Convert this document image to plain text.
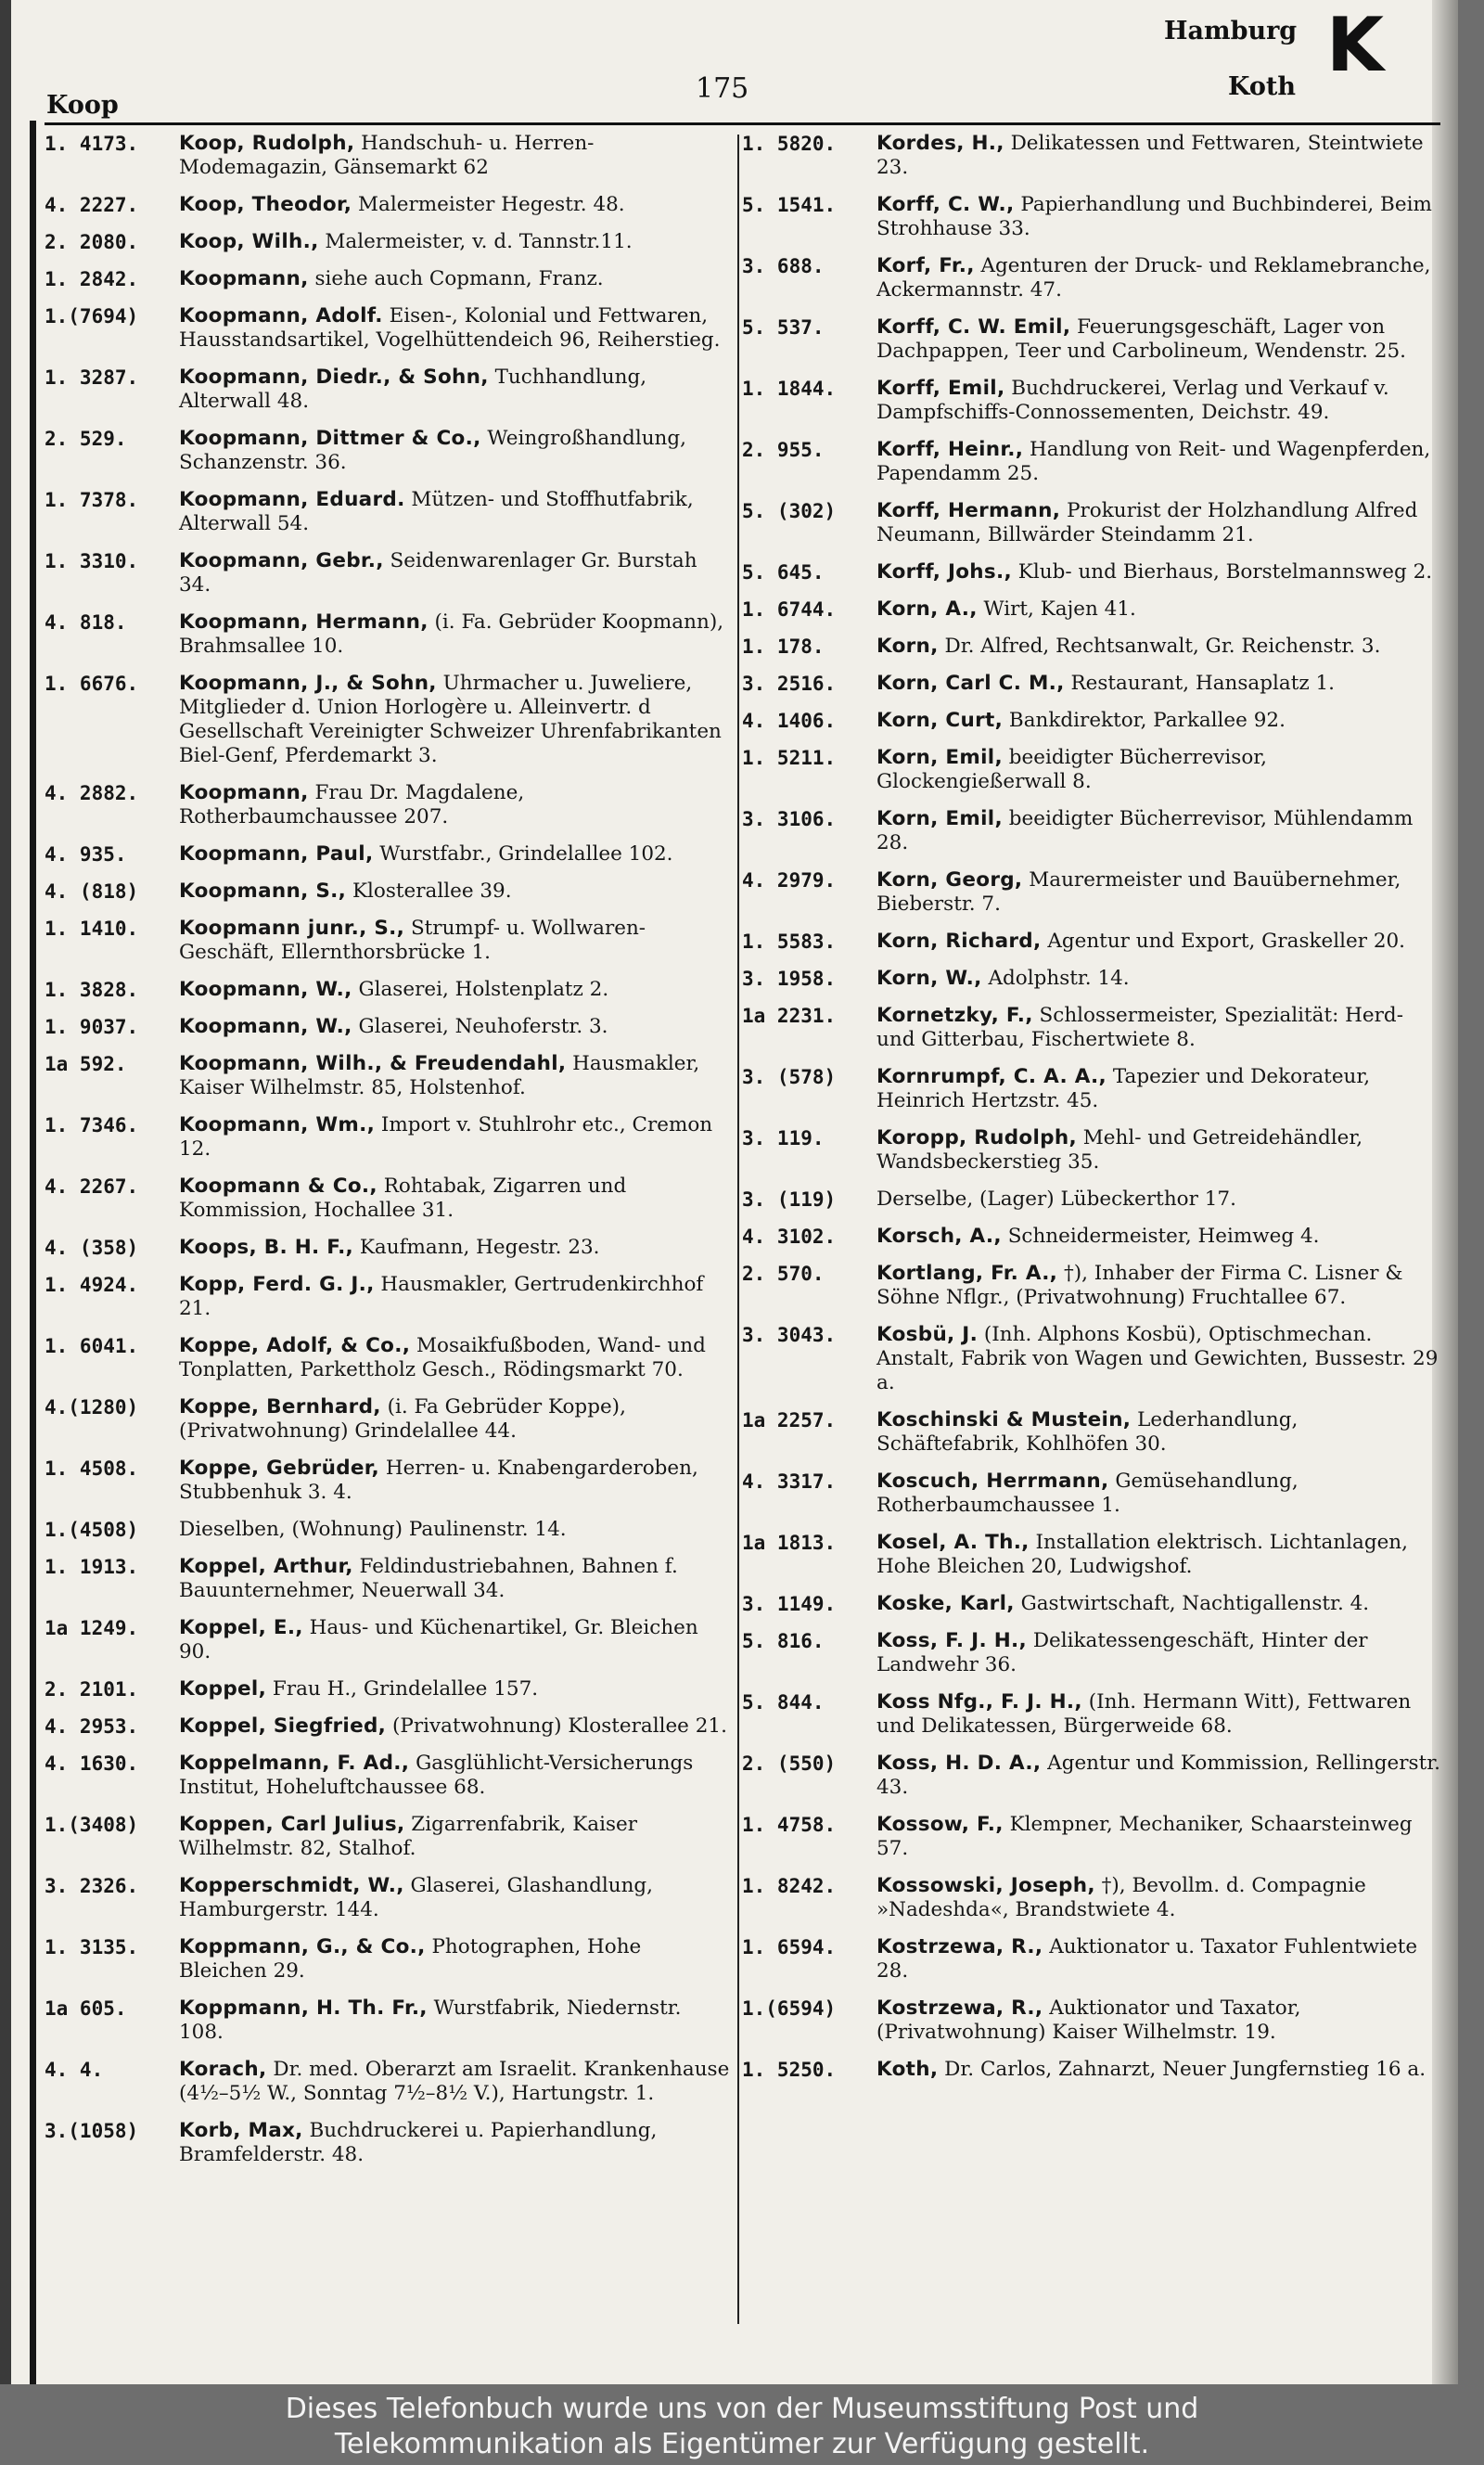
Koop
175
Hamburg K
Koth
1. 4173.	Koop, Rudolph, Handschuh- u. Herren- Modemagazin, Gänsemarkt 62
4. 2227.	Koop, Theodor, Malermeister Hegestr. 48.
2. 2080.	Koop, Wilh., Malermeister, v. d. Tannstr.11.
1. 2842.	Koopmann, siehe auch Copmann, Franz.
1.(7694)	Koopmann, Adolf. Eisen-, Kolonial und Fettwaren, Hausstandsartikel, Vogelhüttendeich 96, Reiherstieg.
1. 3287.	Koopmann, Diedr., & Sohn, Tuchhandlung, Alterwall 48.
2. 529.	Koopmann, Dittmer & Co., Weingroßhandlung, Schanzenstr. 36.
1. 7378.	Koopmann, Eduard. Mützen- und Stoffhutfabrik, Alterwall 54.
1. 3310.	Koopmann, Gebr., Seidenwarenlager Gr. Burstah 34.
4. 818.	Koopmann, Hermann, (i. Fa. Gebrüder Koopmann), Brahmsallee 10.
1. 6676.	Koopmann, J., & Sohn, Uhrmacher u. Juweliere, Mitglieder d. Union Horlogère u. Alleinvertr. d Gesellschaft Vereinigter Schweizer Uhrenfabrikanten Biel-Genf, Pferdemarkt 3.
4. 2882.	Koopmann, Frau Dr. Magdalene, Rotherbaumchaussee 207.
4. 935.	Koopmann, Paul, Wurstfabr., Grindelallee 102.
4. (818)	Koopmann, S., Klosterallee 39.
1. 1410.	Koopmann junr., S., Strumpf- u. Wollwaren-Geschäft, Ellernthorsbrücke 1.
1. 3828.	Koopmann, W., Glaserei, Holstenplatz 2.
1. 9037.	Koopmann, W., Glaserei, Neuhoferstr. 3.
1a 592.	Koopmann, Wilh., & Freudendahl, Hausmakler, Kaiser Wilhelmstr. 85, Holstenhof.
1. 7346.	Koopmann, Wm., Import v. Stuhlrohr etc., Cremon 12.
4. 2267.	Koopmann & Co., Rohtabak, Zigarren und Kommission, Hochallee 31.
4. (358)	Koops, B. H. F., Kaufmann, Hegestr. 23.
1. 4924.	Kopp, Ferd. G. J., Hausmakler, Gertrudenkirchhof 21.
1. 6041.	Koppe, Adolf, & Co., Mosaikfußboden, Wand- und Tonplatten, Parkettholz Gesch., Rödingsmarkt 70.
4.(1280)	Koppe, Bernhard, (i. Fa Gebrüder Koppe), (Privatwohnung) Grindelallee 44.
1. 4508.	Koppe, Gebrüder, Herren- u. Knabengarderoben, Stubbenhuk 3. 4.
1.(4508)	Dieselben, (Wohnung) Paulinenstr. 14.
1. 1913.	Koppel, Arthur, Feldindustriebahnen, Bahnen f. Bauunternehmer, Neuerwall 34.
1a 1249.	Koppel, E., Haus- und Küchenartikel, Gr. Bleichen 90.
2. 2101.	Koppel, Frau H., Grindelallee 157.
4. 2953.	Koppel, Siegfried, (Privatwohnung) Klosterallee 21.
4. 1630.	Koppelmann, F. Ad., Gasglühlicht-Versicherungs Institut, Hoheluftchaussee 68.
1.(3408)	Koppen, Carl Julius, Zigarrenfabrik, Kaiser Wilhelmstr. 82, Stalhof.
3. 2326.	Kopperschmidt, W., Glaserei, Glashandlung, Hamburgerstr. 144.
1. 3135.	Koppmann, G., & Co., Photographen, Hohe Bleichen 29.
1a 605.	Koppmann, H. Th. Fr., Wurstfabrik, Niedernstr. 108.
4. 4.	Korach, Dr. med. Oberarzt am Israelit. Krankenhause (4½–5½ W., Sonntag 7½–8½ V.), Hartungstr. 1.
3.(1058)	Korb, Max, Buchdruckerei u. Papierhandlung, Bramfelderstr. 48.
1. 5820.	Kordes, H., Delikatessen und Fettwaren, Steintwiete 23.
5. 1541.	Korff, C. W., Papierhandlung und Buchbinderei, Beim Strohhause 33.
3. 688.	Korf, Fr., Agenturen der Druck- und Reklamebranche, Ackermannstr. 47.
5. 537.	Korff, C. W. Emil, Feuerungsgeschäft, Lager von Dachpappen, Teer und Carbolineum, Wendenstr. 25.
1. 1844.	Korff, Emil, Buchdruckerei, Verlag und Verkauf v. Dampfschiffs-Connossementen, Deichstr. 49.
2. 955.	Korff, Heinr., Handlung von Reit- und Wagenpferden, Papendamm 25.
5. (302)	Korff, Hermann, Prokurist der Holzhandlung Alfred Neumann, Billwärder Steindamm 21.
5. 645.	Korff, Johs., Klub- und Bierhaus, Borstelmannsweg 2.
1. 6744.	Korn, A., Wirt, Kajen 41.
1. 178.	Korn, Dr. Alfred, Rechtsanwalt, Gr. Reichenstr. 3.
3. 2516.	Korn, Carl C. M., Restaurant, Hansaplatz 1.
4. 1406.	Korn, Curt, Bankdirektor, Parkallee 92.
1. 5211.	Korn, Emil, beeidigter Bücherrevisor, Glockengießerwall 8.
3. 3106.	Korn, Emil, beeidigter Bücherrevisor, Mühlendamm 28.
4. 2979.	Korn, Georg, Maurermeister und Bauübernehmer, Bieberstr. 7.
1. 5583.	Korn, Richard, Agentur und Export, Graskeller 20.
3. 1958.	Korn, W., Adolphstr. 14.
1a 2231.	Kornetzky, F., Schlossermeister, Spezialität: Herd- und Gitterbau, Fischertwiete 8.
3. (578)	Kornrumpf, C. A. A., Tapezier und Dekorateur, Heinrich Hertzstr. 45.
3. 119.	Koropp, Rudolph, Mehl- und Getreidehändler, Wandsbeckerstieg 35.
3. (119)	Derselbe, (Lager) Lübeckerthor 17.
4. 3102.	Korsch, A., Schneidermeister, Heimweg 4.
2. 570.	Kortlang, Fr. A., †), Inhaber der Firma C. Lisner & Söhne Nflgr., (Privatwohnung) Fruchtallee 67.
3. 3043.	Kosbü, J. (Inh. Alphons Kosbü), Optischmechan. Anstalt, Fabrik von Wagen und Gewichten, Bussestr. 29 a.
1a 2257.	Koschinski & Mustein, Lederhandlung, Schäftefabrik, Kohlhöfen 30.
4. 3317.	Koscuch, Herrmann, Gemüsehandlung, Rotherbaumchaussee 1.
1a 1813.	Kosel, A. Th., Installation elektrisch. Lichtanlagen, Hohe Bleichen 20, Ludwigshof.
3. 1149.	Koske, Karl, Gastwirtschaft, Nachtigallenstr. 4.
5. 816.	Koss, F. J. H., Delikatessengeschäft, Hinter der Landwehr 36.
5. 844.	Koss Nfg., F. J. H., (Inh. Hermann Witt), Fettwaren und Delikatessen, Bürgerweide 68.
2. (550)	Koss, H. D. A., Agentur und Kommission, Rellingerstr. 43.
1. 4758.	Kossow, F., Klempner, Mechaniker, Schaarsteinweg 57.
1. 8242.	Kossowski, Joseph, †), Bevollm. d. Compagnie »Nadeshda«, Brandstwiete 4.
1. 6594.	Kostrzewa, R., Auktionator u. Taxator Fuhlentwiete 28.
1.(6594)	Kostrzewa, R., Auktionator und Taxator, (Privatwohnung) Kaiser Wilhelmstr. 19.
1. 5250.	Koth, Dr. Carlos, Zahnarzt, Neuer Jungfernstieg 16 a.
Dieses Telefonbuch wurde uns von der Museumsstiftung Post und
Telekommunikation als Eigentümer zur Verfügung gestellt.
